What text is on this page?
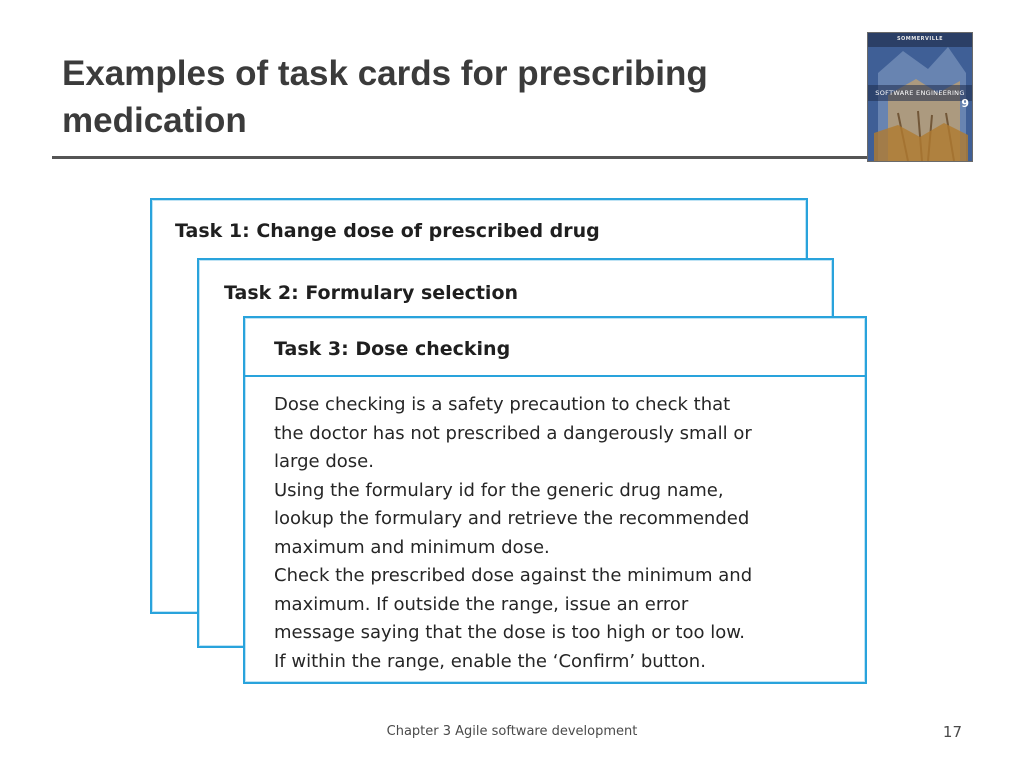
Examples of task cards for prescribing medication
SOMMERVILLE
SOFTWARE ENGINEERING
9
Task 1: Change dose of prescribed drug
Task 2: Formulary selection
Task 3: Dose checking
Dose checking is a safety precaution to check that
the doctor has not prescribed a dangerously small or
large dose.
Using the formulary id for the generic drug name,
lookup the formulary and retrieve the recommended
maximum and minimum dose.
Check the prescribed dose against the minimum and
maximum. If outside the range, issue an error
message saying that the dose is too high or too low.
If within the range, enable the ‘Confirm’ button.
Chapter 3 Agile software development	17
